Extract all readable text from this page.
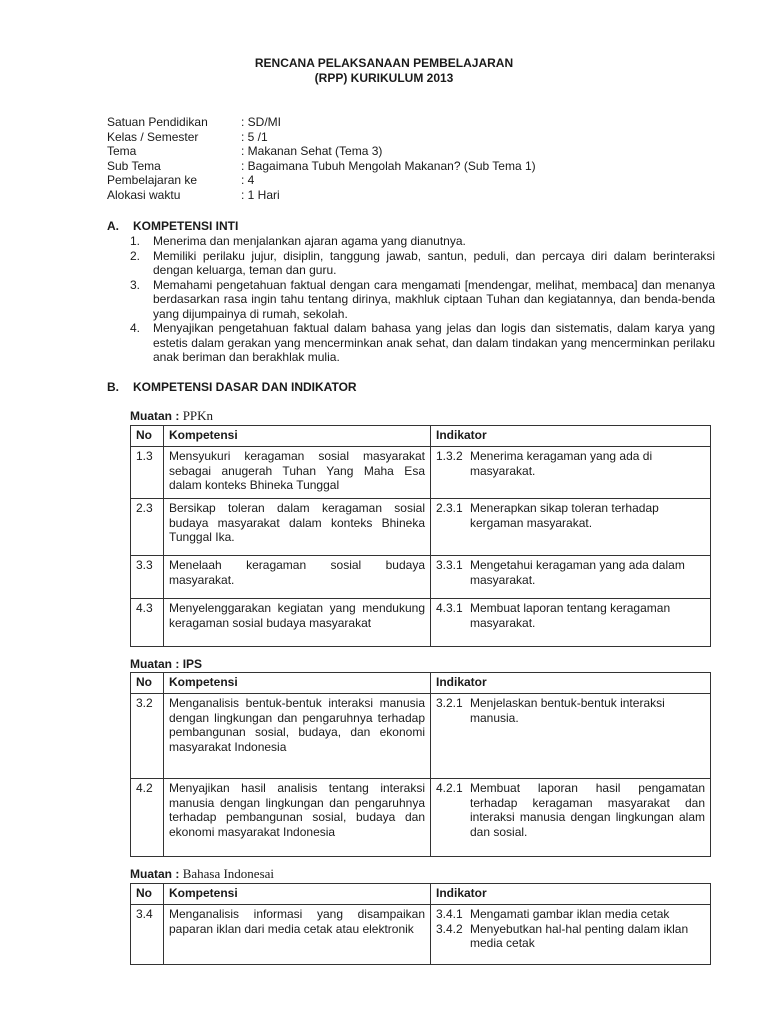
RENCANA PELAKSANAAN PEMBELAJARAN
(RPP) KURIKULUM 2013
Satuan Pendidikan	: SD/MI
Kelas / Semester	: 5 /1
Tema	: Makanan Sehat (Tema 3)
Sub Tema	: Bagaimana Tubuh Mengolah Makanan? (Sub Tema 1)
Pembelajaran ke	: 4
Alokasi waktu	: 1 Hari
A. KOMPETENSI INTI
1.	Menerima dan menjalankan ajaran agama yang dianutnya.
2.	Memiliki perilaku jujur, disiplin, tanggung jawab, santun, peduli, dan percaya diri dalam berinteraksi dengan keluarga, teman dan guru.
3.	Memahami pengetahuan faktual dengan cara mengamati [mendengar, melihat, membaca] dan menanya berdasarkan rasa ingin tahu tentang dirinya, makhluk ciptaan Tuhan dan kegiatannya, dan benda-benda yang dijumpainya di rumah, sekolah.
4.	Menyajikan pengetahuan faktual dalam bahasa yang jelas dan logis dan sistematis, dalam karya yang estetis dalam gerakan yang mencerminkan anak sehat, dan dalam tindakan yang mencerminkan perilaku anak beriman dan berakhlak mulia.
B. KOMPETENSI DASAR DAN INDIKATOR
Muatan : PPKn
No	Kompetensi	Indikator
1.3	Mensyukuri keragaman sosial masyarakat sebagai anugerah Tuhan Yang Maha Esa dalam konteks Bhineka Tunggal	1.3.2 Menerima keragaman yang ada di masyarakat.

2.3	Bersikap toleran dalam keragaman sosial budaya masyarakat dalam konteks Bhineka Tunggal Ika.	2.3.1 Menerapkan sikap toleran terhadap kergaman masyarakat.

3.3	Menelaah keragaman sosial budaya masyarakat.	3.3.1 Mengetahui keragaman yang ada dalam masyarakat.

4.3	Menyelenggarakan kegiatan yang mendukung keragaman sosial budaya masyarakat	4.3.1 Membuat laporan tentang keragaman masyarakat.
Muatan : IPS
No	Kompetensi	Indikator
3.2	Menganalisis bentuk-bentuk interaksi manusia dengan lingkungan dan pengaruhnya terhadap pembangunan sosial, budaya, dan ekonomi masyarakat Indonesia	3.2.1 Menjelaskan bentuk-bentuk interaksi manusia.

4.2	Menyajikan hasil analisis tentang interaksi manusia dengan lingkungan dan pengaruhnya terhadap pembangunan sosial, budaya dan ekonomi masyarakat Indonesia	4.2.1 Membuat laporan hasil pengamatan terhadap keragaman masyarakat dan interaksi manusia dengan lingkungan alam dan sosial.
Muatan : Bahasa Indonesai
No	Kompetensi	Indikator
3.4	Menganalisis informasi yang disampaikan paparan iklan dari media cetak atau elektronik	3.4.1 Mengamati gambar iklan media cetak
3.4.2 Menyebutkan hal-hal penting dalam iklan media cetak
